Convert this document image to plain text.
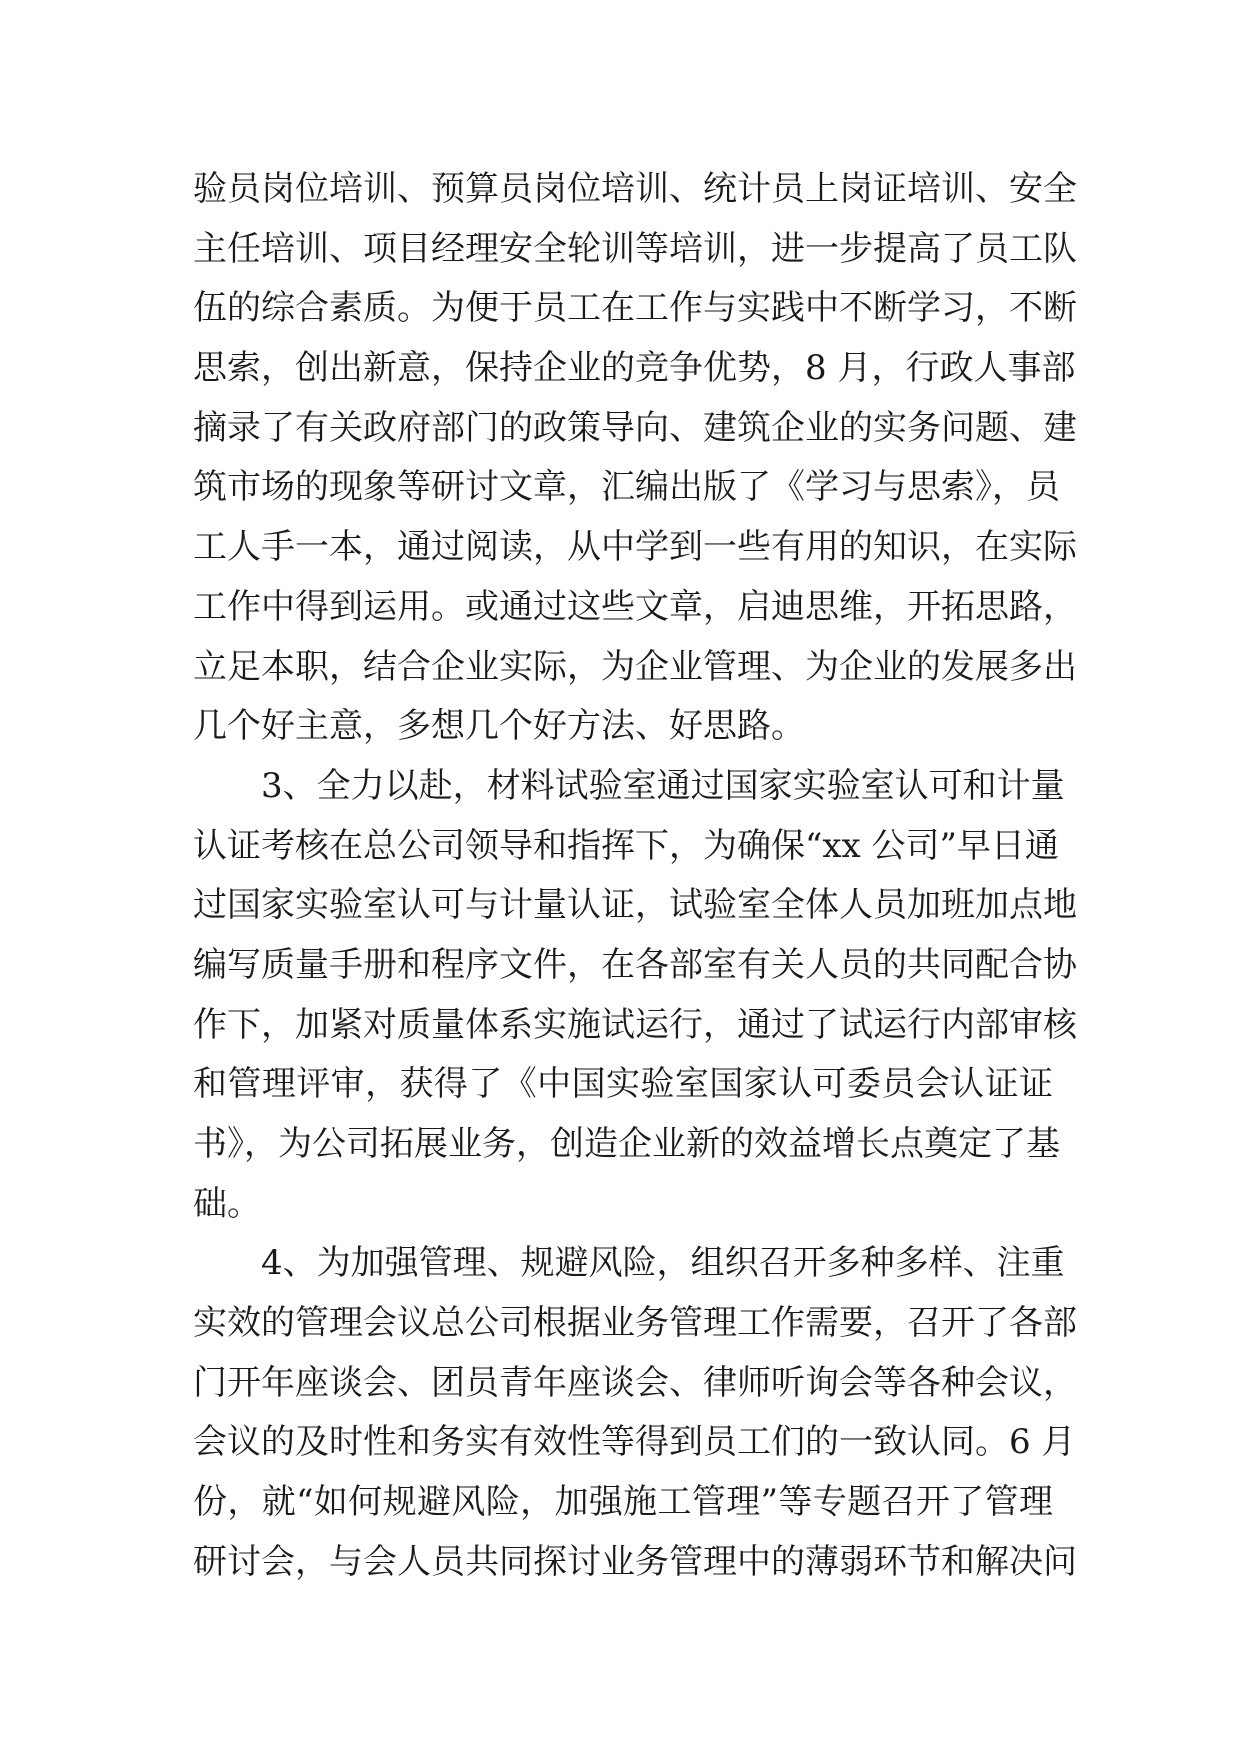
验员岗位培训、预算员岗位培训、统计员上岗证培训、安全
主任培训、项目经理安全轮训等培训，进一步提高了员工队
伍的综合素质。为便于员工在工作与实践中不断学习，不断
思索，创出新意，保持企业的竞争优势，8 月，行政人事部
摘录了有关政府部门的政策导向、建筑企业的实务问题、建
筑市场的现象等研讨文章，汇编出版了《学习与思索》，员
工人手一本，通过阅读，从中学到一些有用的知识，在实际
工作中得到运用。或通过这些文章，启迪思维，开拓思路，
立足本职，结合企业实际，为企业管理、为企业的发展多出
几个好主意，多想几个好方法、好思路。
3、全力以赴，材料试验室通过国家实验室认可和计量
认证考核在总公司领导和指挥下，为确保“xx 公司”早日通
过国家实验室认可与计量认证，试验室全体人员加班加点地
编写质量手册和程序文件，在各部室有关人员的共同配合协
作下，加紧对质量体系实施试运行，通过了试运行内部审核
和管理评审，获得了《中国实验室国家认可委员会认证证
书》，为公司拓展业务，创造企业新的效益增长点奠定了基
础。
4、为加强管理、规避风险，组织召开多种多样、注重
实效的管理会议总公司根据业务管理工作需要，召开了各部
门开年座谈会、团员青年座谈会、律师听询会等各种会议，
会议的及时性和务实有效性等得到员工们的一致认同。6 月
份，就“如何规避风险，加强施工管理”等专题召开了管理
研讨会，与会人员共同探讨业务管理中的薄弱环节和解决问
